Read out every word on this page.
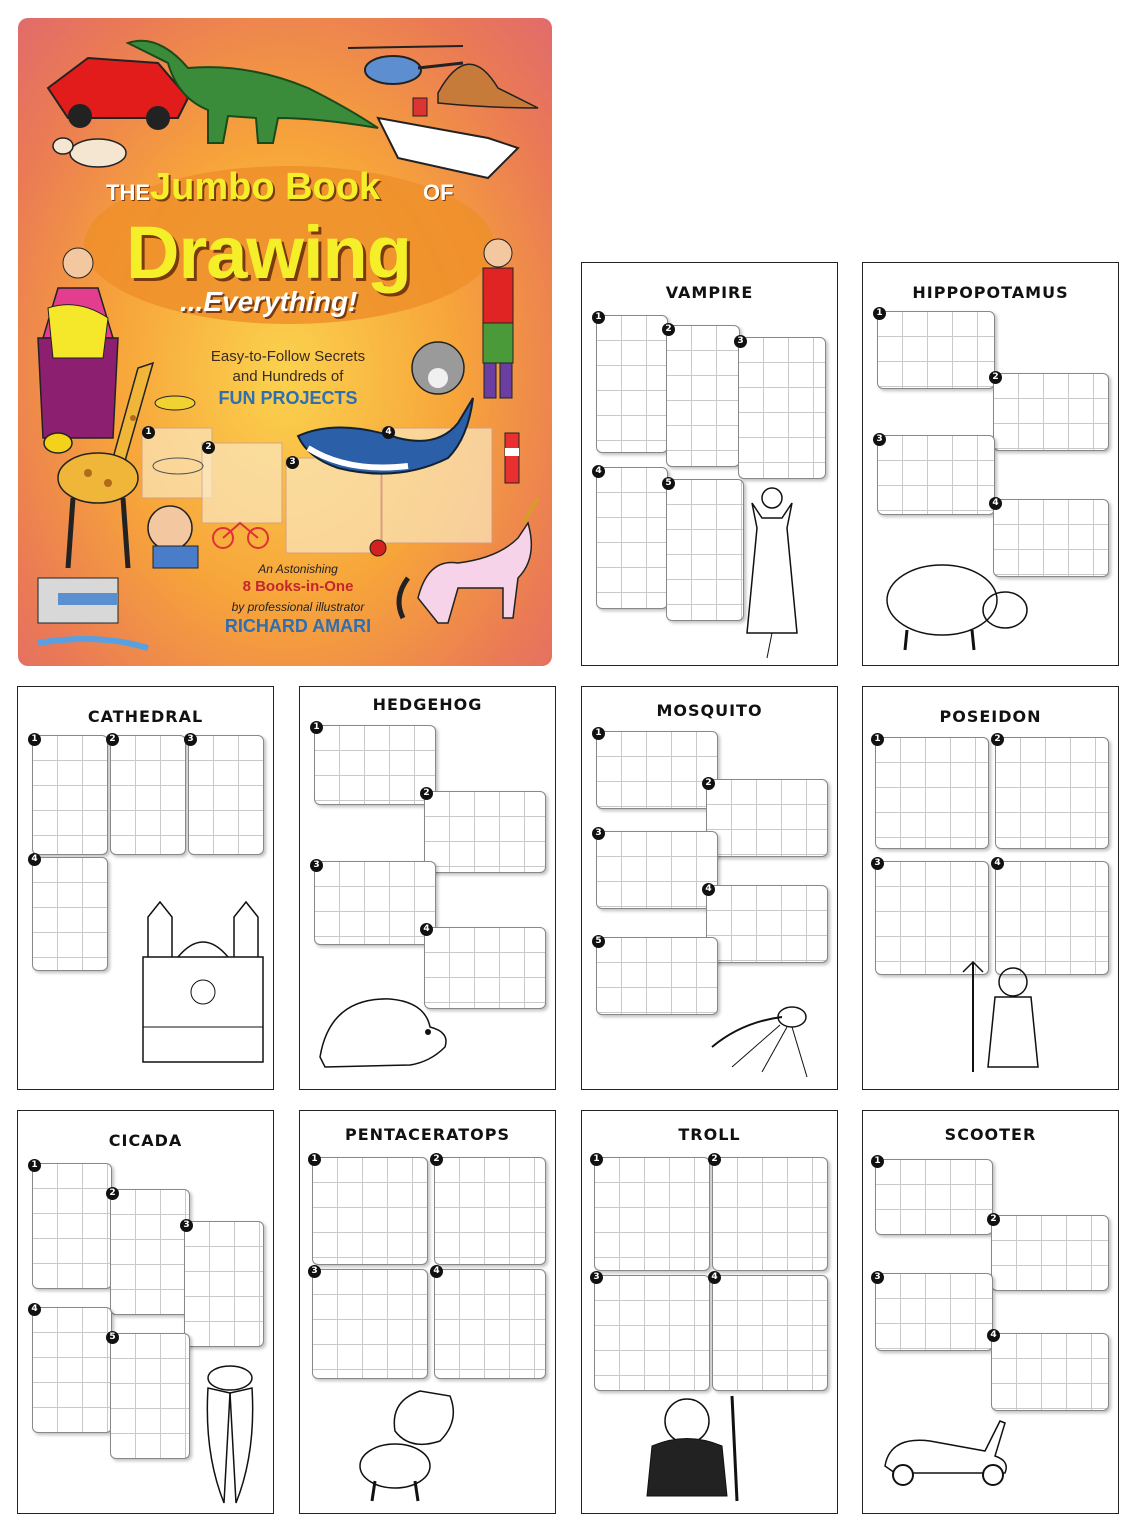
THE Jumbo Book OF
Drawing
...Everything!
Easy-to-Follow Secrets
and Hundreds of
FUN PROJECTS
An Astonishing
8 Books-in-One
by professional illustrator
RICHARD AMARI
1
2
3
4
VAMPIRE
1
2
3
4
5
HIPPOPOTAMUS
1
2
3
4
CATHEDRAL
1	2	3
4
HEDGEHOG
1
2
3
4
MOSQUITO
1
2
3
4
5
POSEIDON
1	2
3	4
CICADA
1
2
3
4
5
PENTACERATOPS
1	2
3	4
TROLL
1	2
3	4
SCOOTER
1
2
3
4
